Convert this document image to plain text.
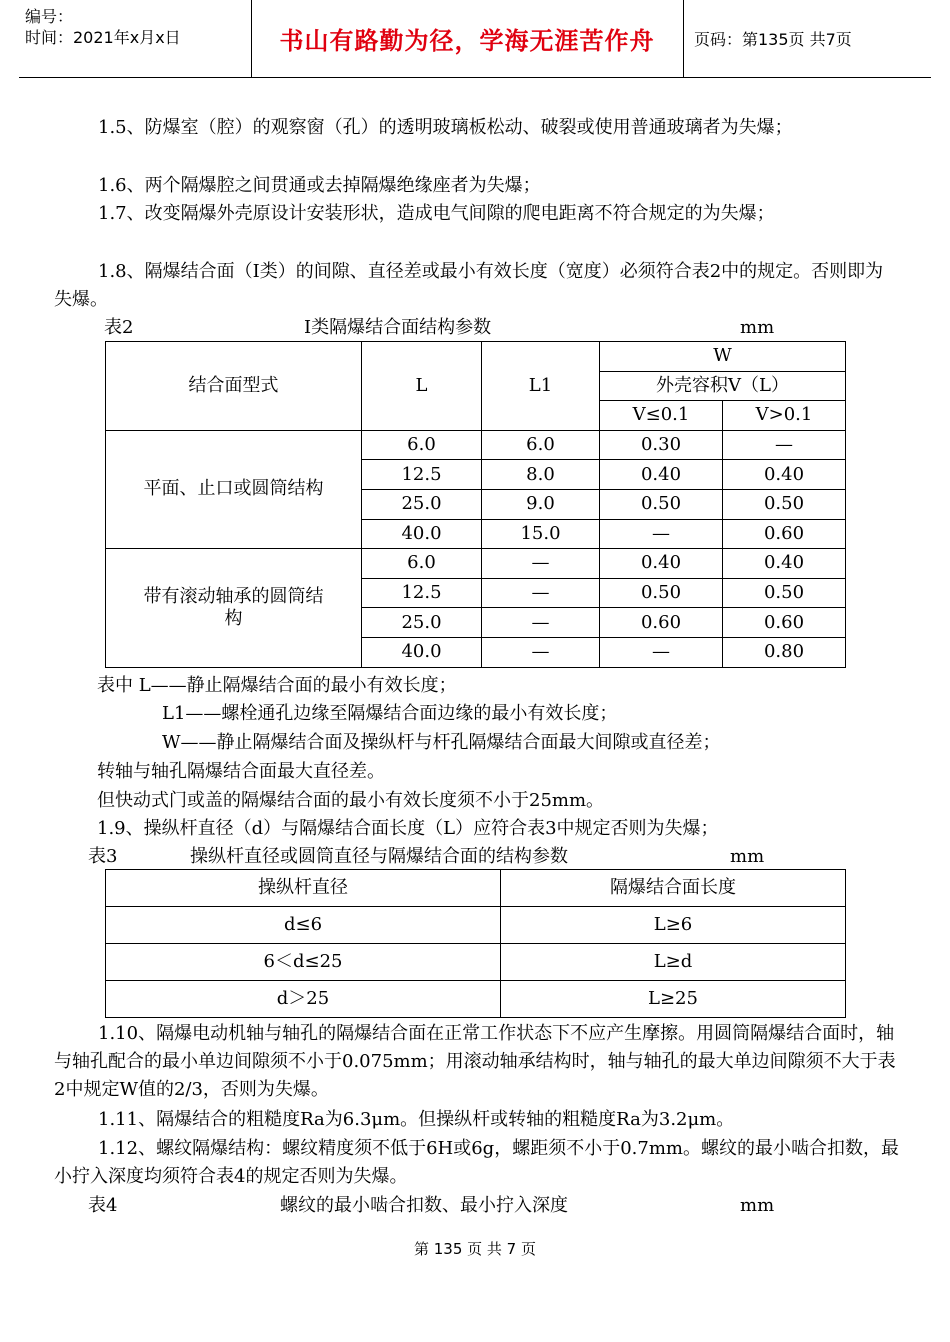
编号：
时间：2021年x月x日	书山有路勤为径，学海无涯苦作舟	页码：第135页 共7页
1.5、防爆室（腔）的观察窗（孔）的透明玻璃板松动、破裂或使用普通玻璃者为失爆；
1.6、两个隔爆腔之间贯通或去掉隔爆绝缘座者为失爆；
1.7、改变隔爆外壳原设计安装形状，造成电气间隙的爬电距离不符合规定的为失爆；
1.8、隔爆结合面（Ⅰ类）的间隙、直径差或最小有效长度（宽度）必须符合表2中的规定。否则即为失爆。
表2	Ⅰ类隔爆结合面结构参数	mm
结合面型式	L	L1	W	
			外壳容积V（L）	
			V≤0.1	V>0.1
平面、止口或圆筒结构	6.0	6.0	0.30	—
	12.5	8.0	0.40	0.40
	25.0	9.0	0.50	0.50
	40.0	15.0	—	0.60
带有滚动轴承的圆筒结
构	6.0	—	0.40	0.40
	12.5	—	0.50	0.50
	25.0	—	0.60	0.60
	40.0	—	—	0.80
表中 L——静止隔爆结合面的最小有效长度；
L1——螺栓通孔边缘至隔爆结合面边缘的最小有效长度；
W——静止隔爆结合面及操纵杆与杆孔隔爆结合面最大间隙或直径差；
转轴与轴孔隔爆结合面最大直径差。
但快动式门或盖的隔爆结合面的最小有效长度须不小于25mm。
1.9、操纵杆直径（d）与隔爆结合面长度（L）应符合表3中规定否则为失爆；
表3	操纵杆直径或圆筒直径与隔爆结合面的结构参数	mm
操纵杆直径	隔爆结合面长度
d≤6	L≥6
6＜d≤25	L≥d
d＞25	L≥25
1.10、隔爆电动机轴与轴孔的隔爆结合面在正常工作状态下不应产生摩擦。用圆筒隔爆结合面时，轴与轴孔配合的最小单边间隙须不小于0.075mm；用滚动轴承结构时，轴与轴孔的最大单边间隙须不大于表2中规定W值的2/3，否则为失爆。
1.11、隔爆结合的粗糙度Ra为6.3μm。但操纵杆或转轴的粗糙度Ra为3.2μm。
1.12、螺纹隔爆结构：螺纹精度须不低于6H或6g，螺距须不小于0.7mm。螺纹的最小啮合扣数，最小拧入深度均须符合表4的规定否则为失爆。
表4	螺纹的最小啮合扣数、最小拧入深度	mm
第 135 页 共 7 页
